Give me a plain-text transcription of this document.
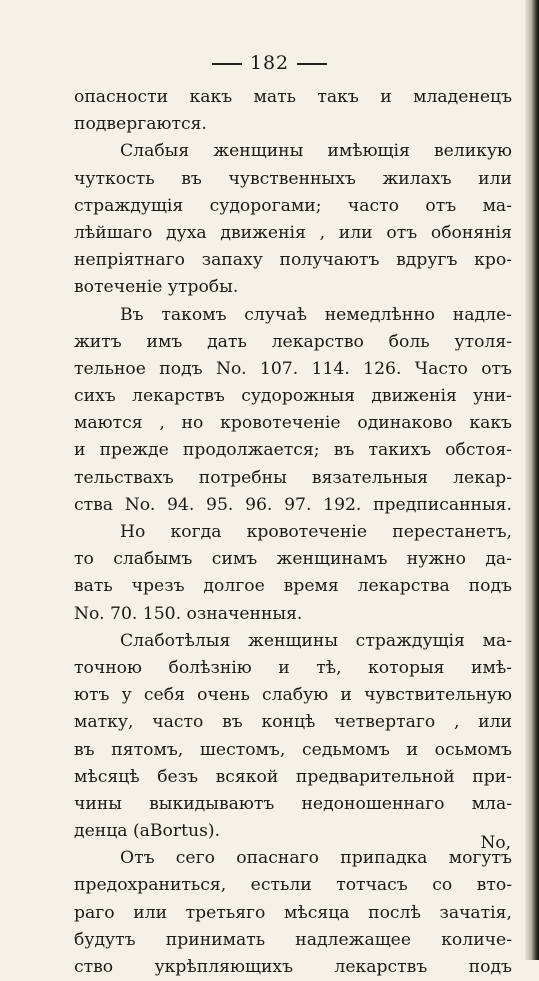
182
опасности какъ мать такъ и младенецъ
подвергаются.
Слабыя женщины имѣющія великую
чуткость въ чувственныхъ жилахъ или
страждущія судорогами; часто отъ ма-
лѣйшаго духа движенія , или отъ обонянія
непріятнаго запаху получаютъ вдругъ кро-
вотеченіе утробы.
Въ такомъ случаѣ немедлѣнно надле-
житъ имъ дать лекарство боль утоля-
тельное подъ No. 107. 114. 126. Часто отъ
сихъ лекарствъ судорожныя движенія уни-
маются , но кровотеченіе одинаково какъ
и прежде продолжается; въ такихъ обстоя-
тельствахъ потребны вязательныя лекар-
ства No. 94. 95. 96. 97. 192. предписанныя.
Но когда кровотеченіе перестанетъ,
то слабымъ симъ женщинамъ нужно да-
вать чрезъ долгое время лекарства подъ
No. 70. 150. означенныя.
Слаботѣлыя женщины страждущія ма-
точною болѣзнію и тѣ, которыя имѣ-
ютъ у себя очень слабую и чувствительную
матку, часто въ концѣ четвертаго , или
въ пятомъ, шестомъ, седьмомъ и осьмомъ
мѣсяцѣ безъ всякой предварительной при-
чины выкидываютъ недоношеннаго мла-
денца (aBortus).
Отъ сего опаснаго припадка могутъ
предохраниться, естьли тотчасъ со вто-
раго или третьяго мѣсяца послѣ зачатія,
будутъ принимать надлежащее количе-
ство укрѣпляющихъ лекарствъ подъ
No,
